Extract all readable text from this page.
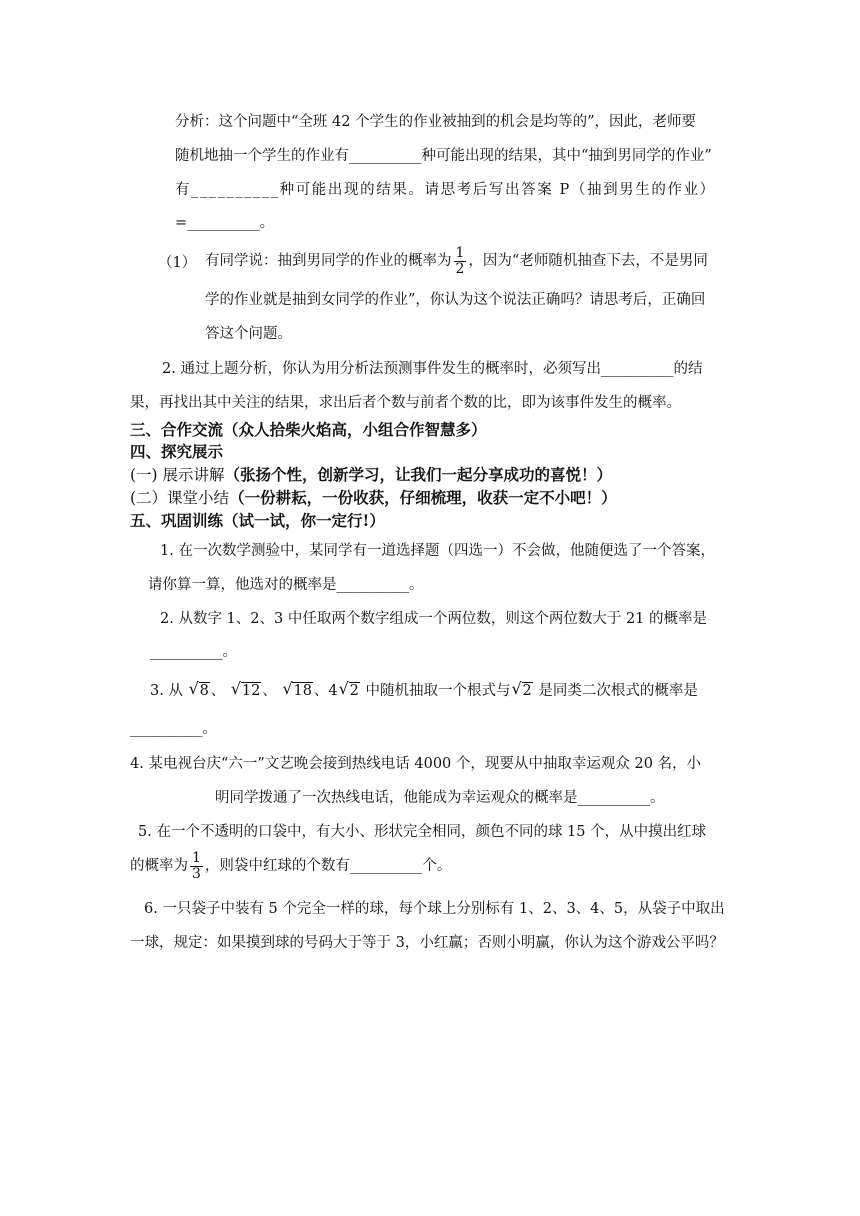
分析：这个问题中“全班 42 个学生的作业被抽到的机会是均等的”，因此，老师要
随机地抽一个学生的作业有__________种可能出现的结果，其中“抽到男同学的作业”
有__________种可能出现的结果。请思考后写出答案 P（抽到男生的作业）
=__________。
（1） 有同学说：抽到男同学的作业的概率为 $\frac{1}{2}$ ，因为“老师随机抽查下去，不是男同
学的作业就是抽到女同学的作业”，你认为这个说法正确吗？请思考后，正确回
答这个问题。
2. 通过上题分析，你认为用分析法预测事件发生的概率时，必须写出__________的结
果，再找出其中关注的结果，求出后者个数与前者个数的比，即为该事件发生的概率。
三、合作交流（众人拾柴火焰高，小组合作智慧多）
四、探究展示
(一) 展示讲解（张扬个性，创新学习，让我们一起分享成功的喜悦！）
(二）课堂小结（一份耕耘，一份收获，仔细梳理，收获一定不小吧！）
五、巩固训练（试一试，你一定行!）
1. 在一次数学测验中，某同学有一道选择题（四选一）不会做，他随便选了一个答案，
请你算一算，他选对的概率是__________。
2. 从数字 1、2、3 中任取两个数字组成一个两位数，则这个两位数大于 21 的概率是
__________。
3. 从 √ 8 、 √ 12 、 √ 18 、4 √ 2 中随机抽取一个根式与 √ 2 是同类二次根式的概率是
__________。
4. 某电视台庆“六一”文艺晚会接到热线电话 4000 个，现要从中抽取幸运观众 20 名，小
明同学拨通了一次热线电话，他能成为幸运观众的概率是__________。
5. 在一个不透明的口袋中，有大小、形状完全相同，颜色不同的球 15 个，从中摸出红球
的概率为 $\frac{1}{3}$ ，则袋中红球的个数有__________个。
6. 一只袋子中装有 5 个完全一样的球，每个球上分别标有 1、2、3、4、5，从袋子中取出
一球，规定：如果摸到球的号码大于等于 3，小红赢；否则小明赢，你认为这个游戏公平吗？
